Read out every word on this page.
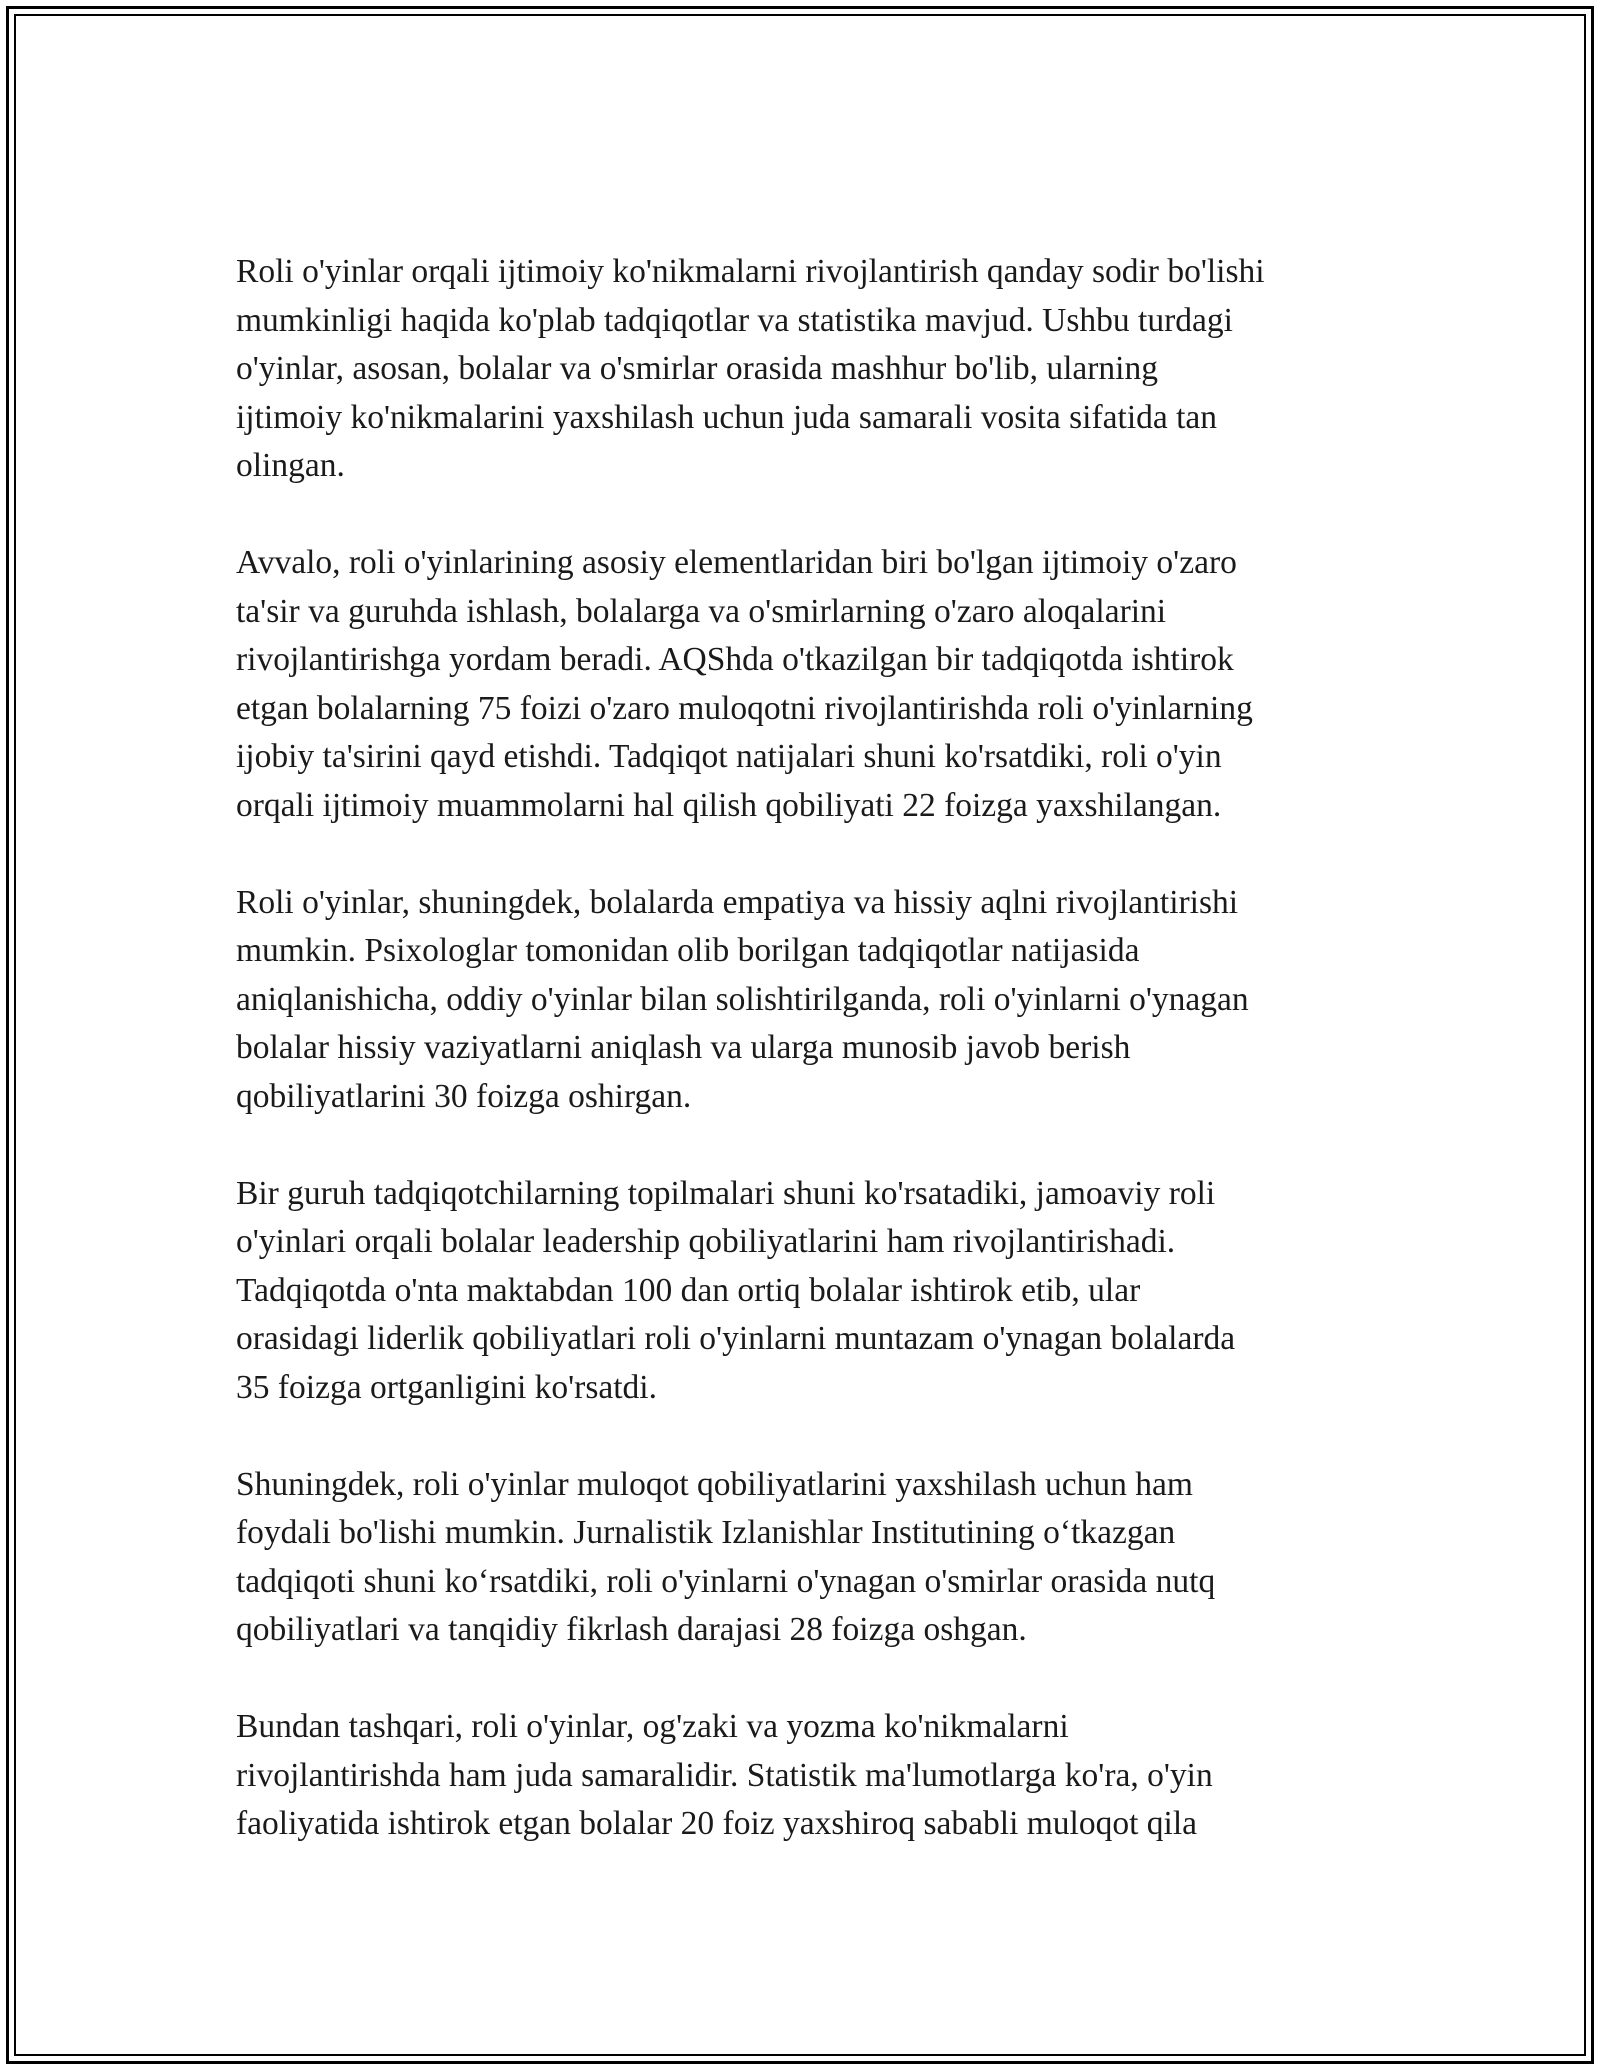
Roli o'yinlar orqali ijtimoiy ko'nikmalarni rivojlantirish qanday sodir bo'lishi
mumkinligi haqida ko'plab tadqiqotlar va statistika mavjud. Ushbu turdagi
o'yinlar, asosan, bolalar va o'smirlar orasida mashhur bo'lib, ularning
ijtimoiy ko'nikmalarini yaxshilash uchun juda samarali vosita sifatida tan
olingan.

Avvalo, roli o'yinlarining asosiy elementlaridan biri bo'lgan ijtimoiy o'zaro
ta'sir va guruhda ishlash, bolalarga va o'smirlarning o'zaro aloqalarini
rivojlantirishga yordam beradi. AQShda o'tkazilgan bir tadqiqotda ishtirok
etgan bolalarning 75 foizi o'zaro muloqotni rivojlantirishda roli o'yinlarning
ijobiy ta'sirini qayd etishdi. Tadqiqot natijalari shuni ko'rsatdiki, roli o'yin
orqali ijtimoiy muammolarni hal qilish qobiliyati 22 foizga yaxshilangan.

Roli o'yinlar, shuningdek, bolalarda empatiya va hissiy aqlni rivojlantirishi
mumkin. Psixologlar tomonidan olib borilgan tadqiqotlar natijasida
aniqlanishicha, oddiy o'yinlar bilan solishtirilganda, roli o'yinlarni o'ynagan
bolalar hissiy vaziyatlarni aniqlash va ularga munosib javob berish
qobiliyatlarini 30 foizga oshirgan.

Bir guruh tadqiqotchilarning topilmalari shuni ko'rsatadiki, jamoaviy roli
o'yinlari orqali bolalar leadership qobiliyatlarini ham rivojlantirishadi.
Tadqiqotda o'nta maktabdan 100 dan ortiq bolalar ishtirok etib, ular
orasidagi liderlik qobiliyatlari roli o'yinlarni muntazam o'ynagan bolalarda
35 foizga ortganligini ko'rsatdi.

Shuningdek, roli o'yinlar muloqot qobiliyatlarini yaxshilash uchun ham
foydali bo'lishi mumkin. Jurnalistik Izlanishlar Institutining o‘tkazgan
tadqiqoti shuni ko‘rsatdiki, roli o'yinlarni o'ynagan o'smirlar orasida nutq
qobiliyatlari va tanqidiy fikrlash darajasi 28 foizga oshgan.

Bundan tashqari, roli o'yinlar, og'zaki va yozma ko'nikmalarni
rivojlantirishda ham juda samaralidir. Statistik ma'lumotlarga ko'ra, o'yin
faoliyatida ishtirok etgan bolalar 20 foiz yaxshiroq sababli muloqot qila
